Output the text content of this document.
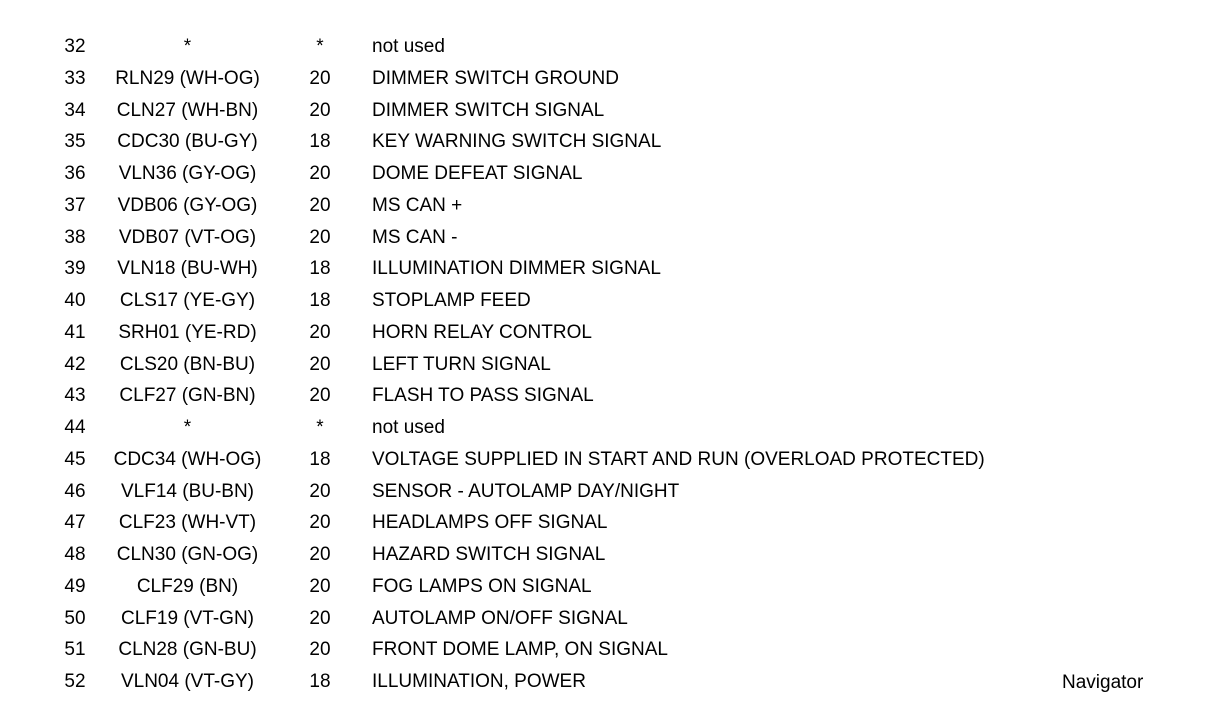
32	*	*	not used
33	RLN29 (WH-OG)	20	DIMMER SWITCH GROUND
34	CLN27 (WH-BN)	20	DIMMER SWITCH SIGNAL
35	CDC30 (BU-GY)	18	KEY WARNING SWITCH SIGNAL
36	VLN36 (GY-OG)	20	DOME DEFEAT SIGNAL
37	VDB06 (GY-OG)	20	MS CAN +
38	VDB07 (VT-OG)	20	MS CAN -
39	VLN18 (BU-WH)	18	ILLUMINATION DIMMER SIGNAL
40	CLS17 (YE-GY)	18	STOPLAMP FEED
41	SRH01 (YE-RD)	20	HORN RELAY CONTROL
42	CLS20 (BN-BU)	20	LEFT TURN SIGNAL
43	CLF27 (GN-BN)	20	FLASH TO PASS SIGNAL
44	*	*	not used
45	CDC34 (WH-OG)	18	VOLTAGE SUPPLIED IN START AND RUN (OVERLOAD PROTECTED)
46	VLF14 (BU-BN)	20	SENSOR - AUTOLAMP DAY/NIGHT
47	CLF23 (WH-VT)	20	HEADLAMPS OFF SIGNAL
48	CLN30 (GN-OG)	20	HAZARD SWITCH SIGNAL
49	CLF29 (BN)	20	FOG LAMPS ON SIGNAL
50	CLF19 (VT-GN)	20	AUTOLAMP ON/OFF SIGNAL
51	CLN28 (GN-BU)	20	FRONT DOME LAMP, ON SIGNAL
52	VLN04 (VT-GY)	18	ILLUMINATION, POWER	Navigator
